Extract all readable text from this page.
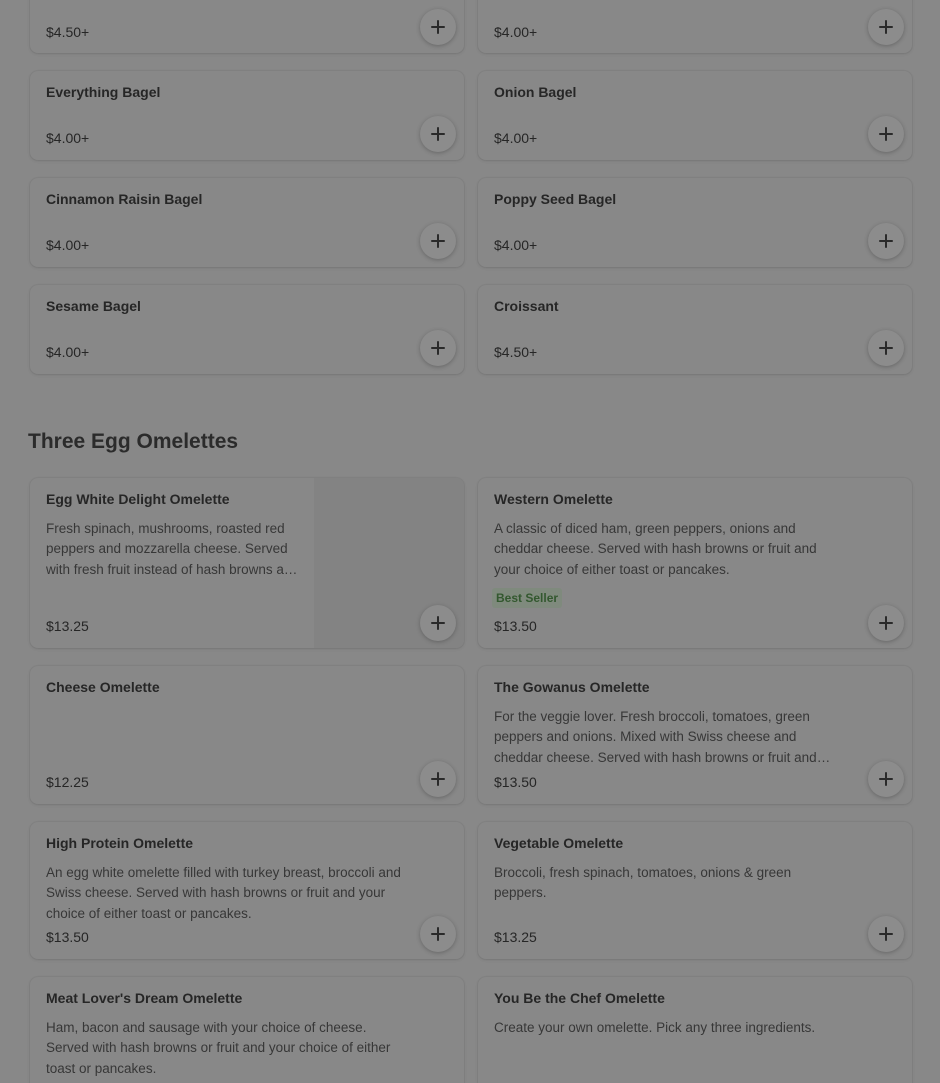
$4.50+	$4.00+
Everything Bagel
$4.00+
Onion Bagel
$4.00+
Cinnamon Raisin Bagel
$4.00+
Poppy Seed Bagel
$4.00+
Sesame Bagel
$4.00+
Croissant
$4.50+
Three Egg Omelettes
Egg White Delight Omelette
Fresh spinach, mushrooms, roasted red peppers and mozzarella cheese. Served with fresh fruit instead of hash browns and
$13.25
Western Omelette
A classic of diced ham, green peppers, onions and cheddar cheese. Served with hash browns or fruit and your choice of either toast or pancakes.
Best Seller
$13.50
Cheese Omelette
$12.25
The Gowanus Omelette
For the veggie lover. Fresh broccoli, tomatoes, green peppers and onions. Mixed with Swiss cheese and cheddar cheese. Served with hash browns or fruit and
$13.50
High Protein Omelette
An egg white omelette filled with turkey breast, broccoli and Swiss cheese. Served with hash browns or fruit and your choice of either toast or pancakes.
$13.50
Vegetable Omelette
Broccoli, fresh spinach, tomatoes, onions & green peppers.
$13.25
Meat Lover's Dream Omelette
Ham, bacon and sausage with your choice of cheese. Served with hash browns or fruit and your choice of either toast or pancakes.
You Be the Chef Omelette
Create your own omelette. Pick any three ingredients.
